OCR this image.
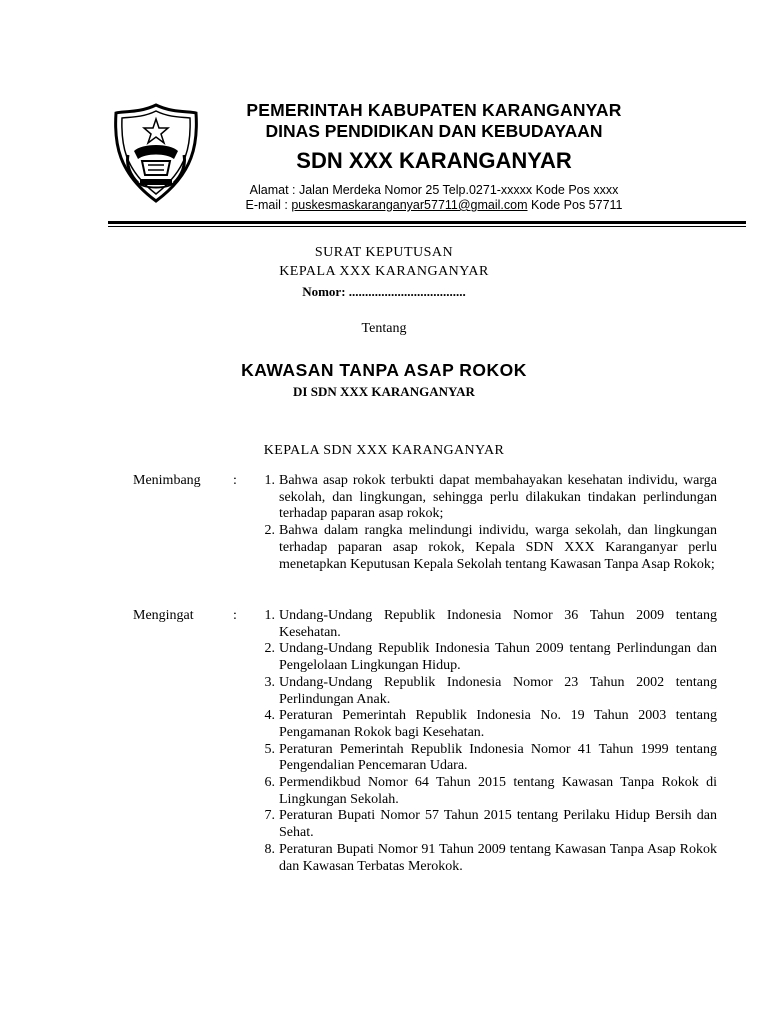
PEMERINTAH KABUPATEN KARANGANYAR
DINAS PENDIDIKAN DAN KEBUDAYAAN
SDN XXX KARANGANYAR
Alamat : Jalan Merdeka Nomor 25 Telp.0271-xxxxx Kode Pos xxxx
E-mail : puskesmaskaranganyar57711@gmail.com Kode Pos 57711
SURAT KEPUTUSAN
KEPALA XXX KARANGANYAR
Nomor: ....................................
Tentang
KAWASAN TANPA ASAP ROKOK
DI SDN XXX KARANGANYAR
KEPALA SDN XXX KARANGANYAR
Menimbang :	1. Bahwa asap rokok terbukti dapat membahayakan kesehatan individu, warga sekolah, dan lingkungan, sehingga perlu dilakukan tindakan perlindungan terhadap paparan asap rokok;
2. Bahwa dalam rangka melindungi individu, warga sekolah, dan lingkungan terhadap paparan asap rokok, Kepala SDN XXX Karanganyar perlu menetapkan Keputusan Kepala Sekolah tentang Kawasan Tanpa Asap Rokok;
Mengingat	:	1. Undang-Undang Republik Indonesia Nomor 36 Tahun 2009 tentang Kesehatan.
2. Undang-Undang Republik Indonesia Tahun 2009 tentang Perlindungan dan Pengelolaan Lingkungan Hidup.
3. Undang-Undang Republik Indonesia Nomor 23 Tahun 2002 tentang Perlindungan Anak.
4. Peraturan Pemerintah Republik Indonesia No. 19 Tahun 2003 tentang Pengamanan Rokok bagi Kesehatan.
5. Peraturan Pemerintah Republik Indonesia Nomor 41 Tahun 1999 tentang Pengendalian Pencemaran Udara.
6. Permendikbud Nomor 64 Tahun 2015 tentang Kawasan Tanpa Rokok di Lingkungan Sekolah.
7. Peraturan Bupati Nomor 57 Tahun 2015 tentang Perilaku Hidup Bersih dan Sehat.
8. Peraturan Bupati Nomor 91 Tahun 2009 tentang Kawasan Tanpa Asap Rokok dan Kawasan Terbatas Merokok.
